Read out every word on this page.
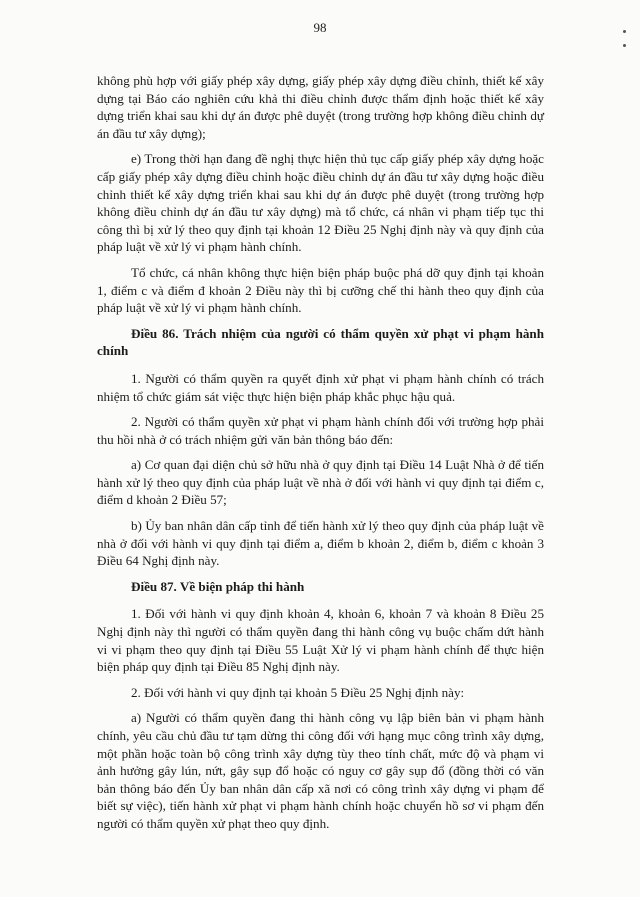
98

không phù hợp với giấy phép xây dựng, giấy phép xây dựng điều chỉnh, thiết kế xây dựng tại Báo cáo nghiên cứu khả thi điều chỉnh được thẩm định hoặc thiết kế xây dựng triển khai sau khi dự án được phê duyệt (trong trường hợp không điều chỉnh dự án đầu tư xây dựng);

e) Trong thời hạn đang đề nghị thực hiện thủ tục cấp giấy phép xây dựng hoặc cấp giấy phép xây dựng điều chỉnh hoặc điều chỉnh dự án đầu tư xây dựng hoặc điều chỉnh thiết kế xây dựng triển khai sau khi dự án được phê duyệt (trong trường hợp không điều chỉnh dự án đầu tư xây dựng) mà tổ chức, cá nhân vi phạm tiếp tục thi công thì bị xử lý theo quy định tại khoản 12 Điều 25 Nghị định này và quy định của pháp luật về xử lý vi phạm hành chính.

Tổ chức, cá nhân không thực hiện biện pháp buộc phá dỡ quy định tại khoản 1, điểm c và điểm đ khoản 2 Điều này thì bị cưỡng chế thi hành theo quy định của pháp luật về xử lý vi phạm hành chính.

Điều 86. Trách nhiệm của người có thẩm quyền xử phạt vi phạm hành chính

1. Người có thẩm quyền ra quyết định xử phạt vi phạm hành chính có trách nhiệm tổ chức giám sát việc thực hiện biện pháp khắc phục hậu quả.

2. Người có thẩm quyền xử phạt vi phạm hành chính đối với trường hợp phải thu hồi nhà ở có trách nhiệm gửi văn bản thông báo đến:

a) Cơ quan đại diện chủ sở hữu nhà ở quy định tại Điều 14 Luật Nhà ở để tiến hành xử lý theo quy định của pháp luật về nhà ở đối với hành vi quy định tại điểm c, điểm d khoản 2 Điều 57;

b) Ủy ban nhân dân cấp tỉnh để tiến hành xử lý theo quy định của pháp luật về nhà ở đối với hành vi quy định tại điểm a, điểm b khoản 2, điểm b, điểm c khoản 3 Điều 64 Nghị định này.

Điều 87. Về biện pháp thi hành

1. Đối với hành vi quy định khoản 4, khoản 6, khoản 7 và khoản 8 Điều 25 Nghị định này thì người có thẩm quyền đang thi hành công vụ buộc chấm dứt hành vi vi phạm theo quy định tại Điều 55 Luật Xử lý vi phạm hành chính để thực hiện biện pháp quy định tại Điều 85 Nghị định này.

2. Đối với hành vi quy định tại khoản 5 Điều 25 Nghị định này:

a) Người có thẩm quyền đang thi hành công vụ lập biên bản vi phạm hành chính, yêu cầu chủ đầu tư tạm dừng thi công đối với hạng mục công trình xây dựng, một phần hoặc toàn bộ công trình xây dựng tùy theo tính chất, mức độ và phạm vi ảnh hưởng gây lún, nứt, gây sụp đổ hoặc có nguy cơ gây sụp đổ (đồng thời có văn bản thông báo đến Ủy ban nhân dân cấp xã nơi có công trình xây dựng vi phạm để biết sự việc), tiến hành xử phạt vi phạm hành chính hoặc chuyển hồ sơ vi phạm đến người có thẩm quyền xử phạt theo quy định.
